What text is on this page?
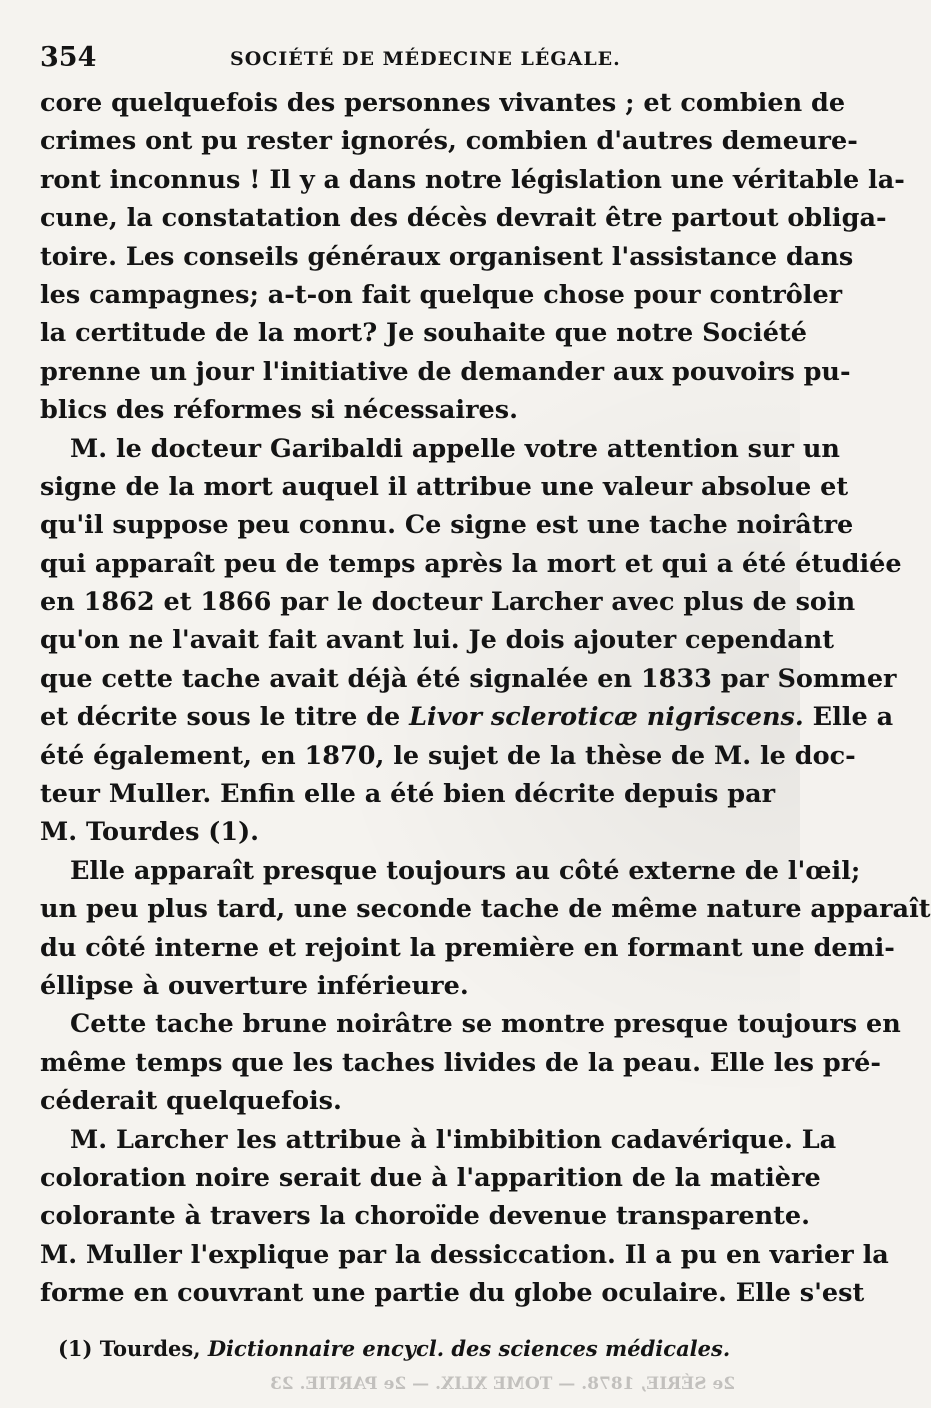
354	SOCIÉTÉ DE MÉDECINE LÉGALE.
core quelquefois des personnes vivantes ; et combien de
crimes ont pu rester ignorés, combien d'autres demeure-
ront inconnus ! Il y a dans notre législation une véritable la-
cune, la constatation des décès devrait être partout obliga-
toire. Les conseils généraux organisent l'assistance dans
les campagnes; a-t-on fait quelque chose pour contrôler
la certitude de la mort? Je souhaite que notre Société
prenne un jour l'initiative de demander aux pouvoirs pu-
blics des réformes si nécessaires.
M. le docteur Garibaldi appelle votre attention sur un
signe de la mort auquel il attribue une valeur absolue et
qu'il suppose peu connu. Ce signe est une tache noirâtre
qui apparaît peu de temps après la mort et qui a été étudiée
en 1862 et 1866 par le docteur Larcher avec plus de soin
qu'on ne l'avait fait avant lui. Je dois ajouter cependant
que cette tache avait déjà été signalée en 1833 par Sommer
et décrite sous le titre de Livor scleroticæ nigriscens. Elle a
été également, en 1870, le sujet de la thèse de M. le doc-
teur Muller. Enfin elle a été bien décrite depuis par
M. Tourdes (1).
Elle apparaît presque toujours au côté externe de l'œil;
un peu plus tard, une seconde tache de même nature apparaît
du côté interne et rejoint la première en formant une demi-
éllipse à ouverture inférieure.
Cette tache brune noirâtre se montre presque toujours en
même temps que les taches livides de la peau. Elle les pré-
céderait quelquefois.
M. Larcher les attribue à l'imbibition cadavérique. La
coloration noire serait due à l'apparition de la matière
colorante à travers la choroïde devenue transparente.
M. Muller l'explique par la dessiccation. Il a pu en varier la
forme en couvrant une partie du globe oculaire. Elle s'est
(1) Tourdes, Dictionnaire encycl. des sciences médicales.
2e SÉRIE, 1878. — TOME XLIX. — 2e PARTIE. 23
